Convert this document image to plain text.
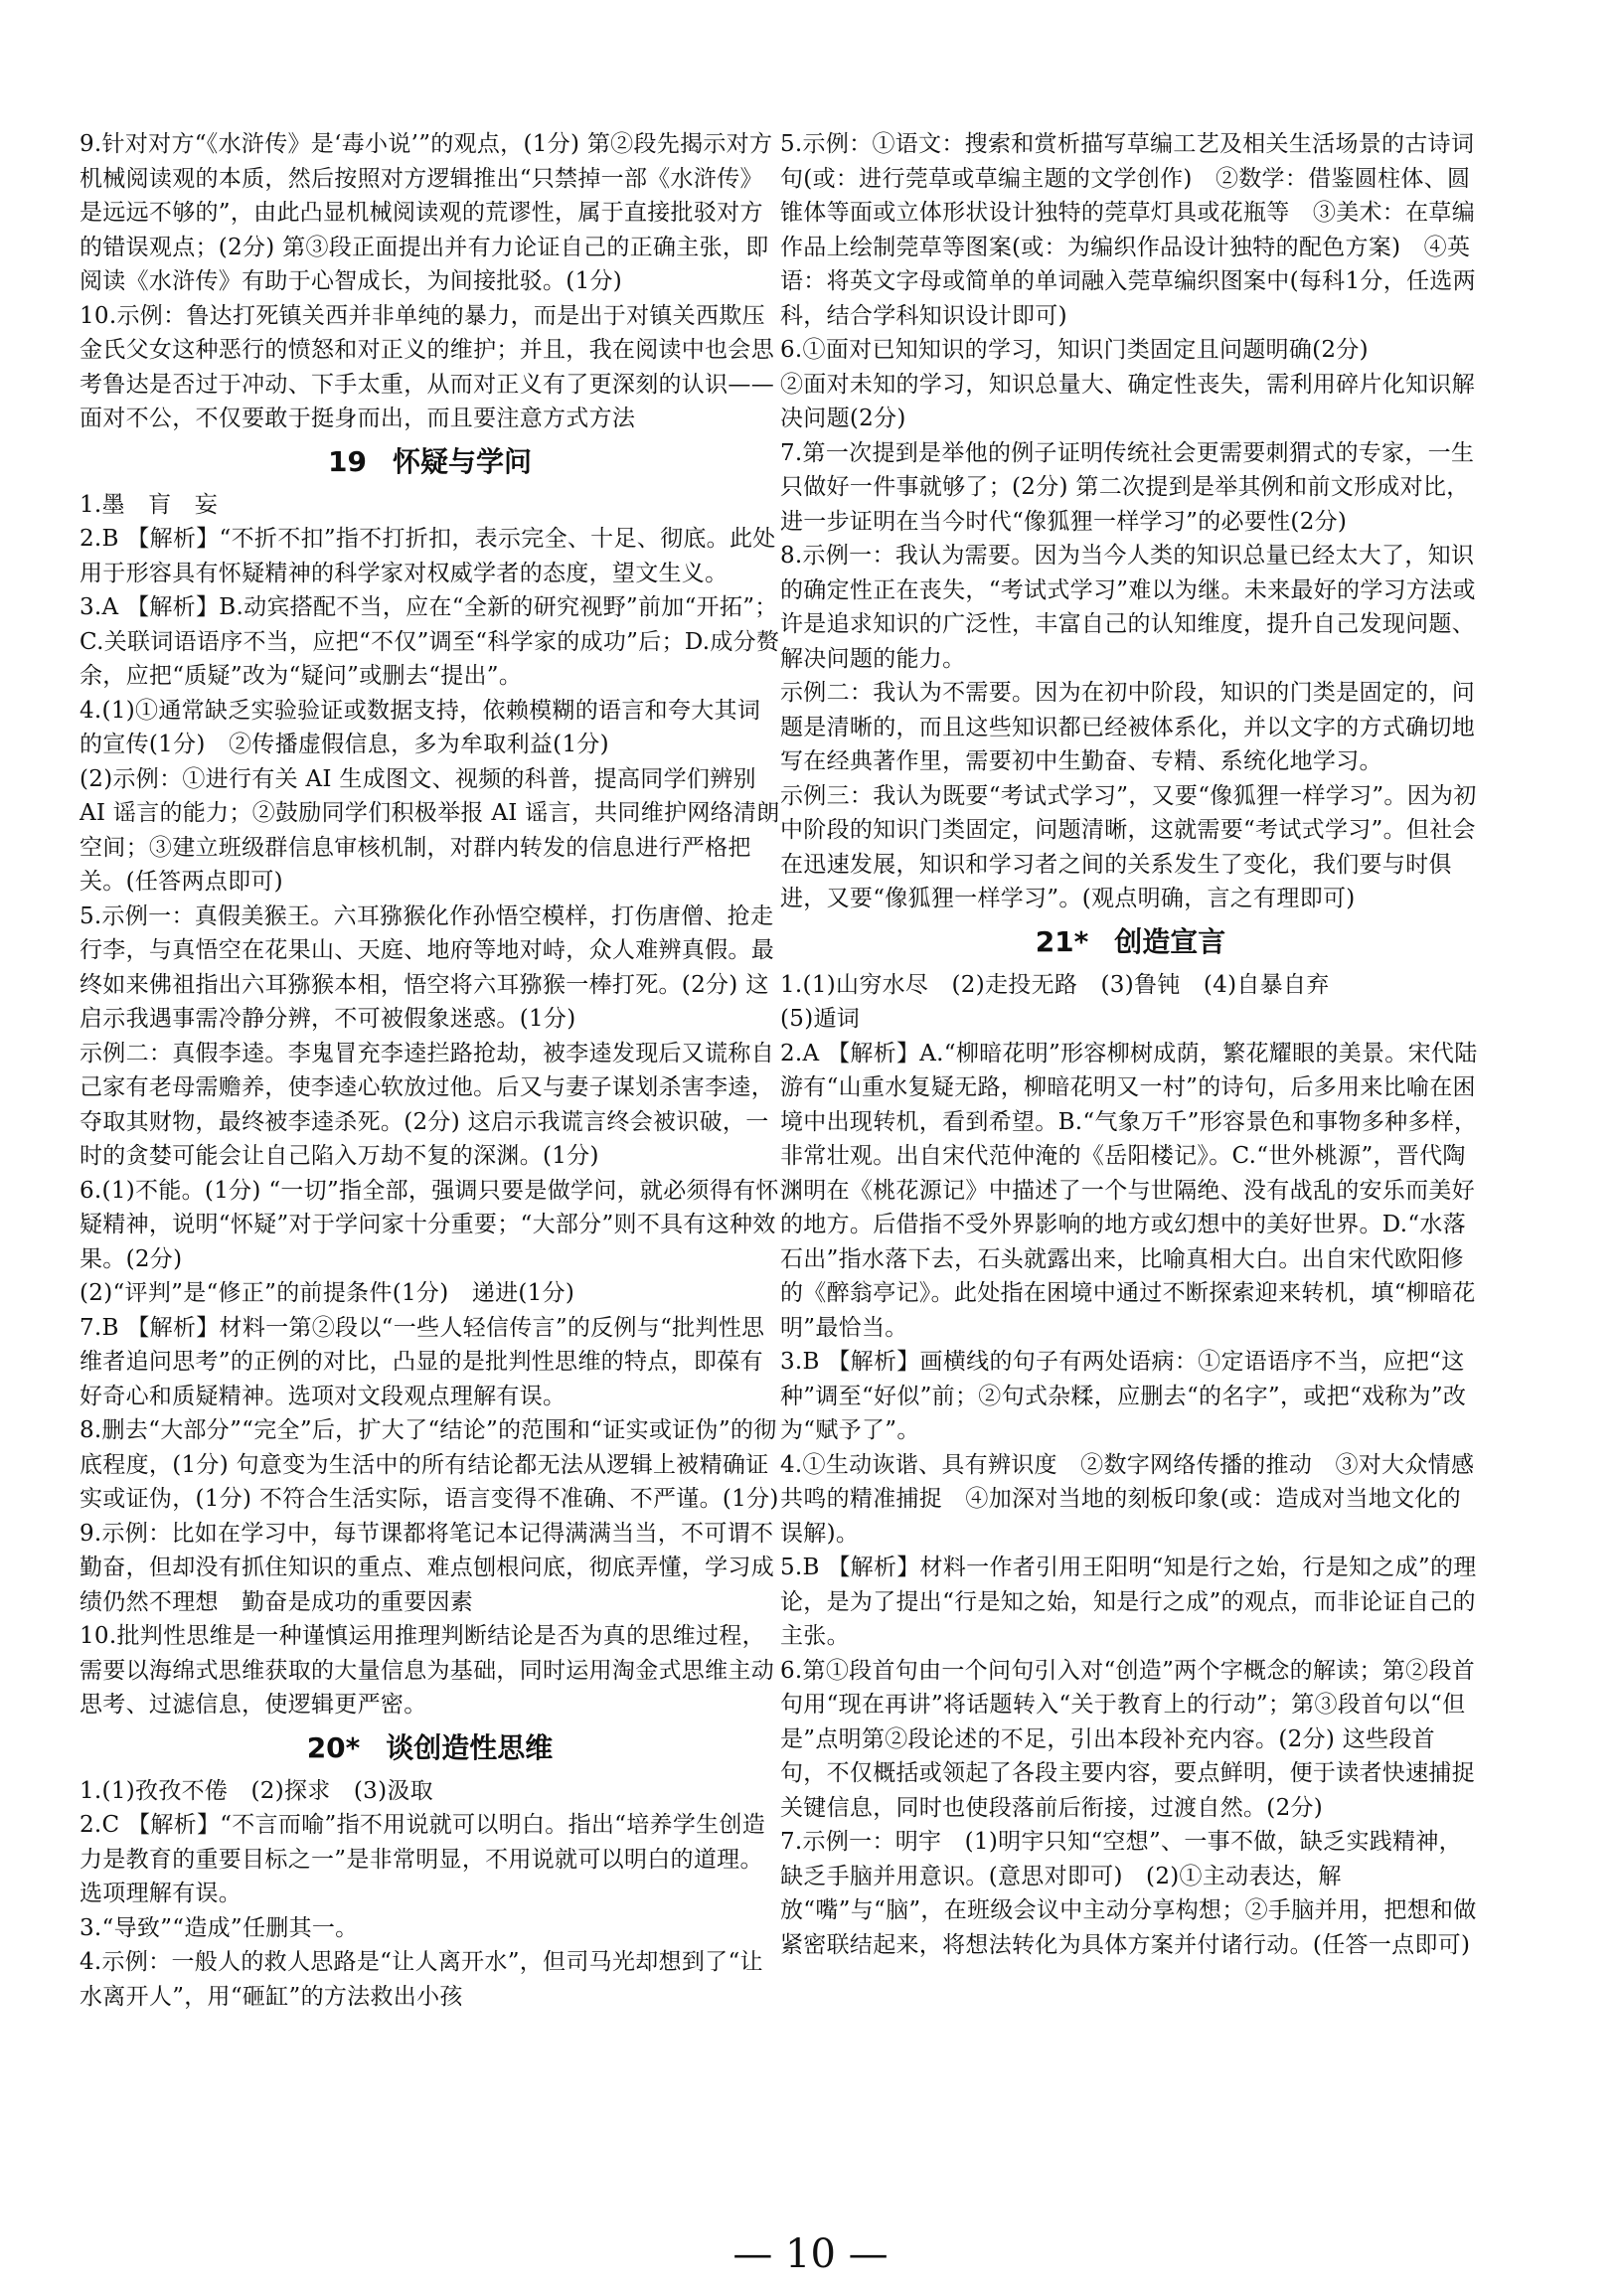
9.针对对方“《水浒传》是‘毒小说’”的观点，(1分) 第②段先揭示对方机械阅读观的本质，然后按照对方逻辑推出“只禁掉一部《水浒传》是远远不够的”，由此凸显机械阅读观的荒谬性，属于直接批驳对方的错误观点；(2分) 第③段正面提出并有力论证自己的正确主张，即阅读《水浒传》有助于心智成长，为间接批驳。(1分)

10.示例：鲁达打死镇关西并非单纯的暴力，而是出于对镇关西欺压金氏父女这种恶行的愤怒和对正义的维护；并且，我在阅读中也会思考鲁达是否过于冲动、下手太重，从而对正义有了更深刻的认识——面对不公，不仅要敢于挺身而出，而且要注意方式方法

19 怀疑与学问

1.墨　肓　妄

2.B 【解析】“不折不扣”指不打折扣，表示完全、十足、彻底。此处用于形容具有怀疑精神的科学家对权威学者的态度，望文生义。

3.A 【解析】B.动宾搭配不当，应在“全新的研究视野”前加“开拓”；C.关联词语语序不当，应把“不仅”调至“科学家的成功”后；D.成分赘余，应把“质疑”改为“疑问”或删去“提出”。

4.(1)①通常缺乏实验验证或数据支持，依赖模糊的语言和夸大其词的宣传(1分)　②传播虚假信息，多为牟取利益(1分)
(2)示例：①进行有关 AI 生成图文、视频的科普，提高同学们辨别 AI 谣言的能力；②鼓励同学们积极举报 AI 谣言，共同维护网络清朗空间；③建立班级群信息审核机制，对群内转发的信息进行严格把关。(任答两点即可)

5.示例一：真假美猴王。六耳猕猴化作孙悟空模样，打伤唐僧、抢走行李，与真悟空在花果山、天庭、地府等地对峙，众人难辨真假。最终如来佛祖指出六耳猕猴本相，悟空将六耳猕猴一棒打死。(2分) 这启示我遇事需冷静分辨，不可被假象迷惑。(1分)
示例二：真假李逵。李鬼冒充李逵拦路抢劫，被李逵发现后又谎称自己家有老母需赡养，使李逵心软放过他。后又与妻子谋划杀害李逵，夺取其财物，最终被李逵杀死。(2分) 这启示我谎言终会被识破，一时的贪婪可能会让自己陷入万劫不复的深渊。(1分)

6.(1)不能。(1分) “一切”指全部，强调只要是做学问，就必须得有怀疑精神，说明“怀疑”对于学问家十分重要；“大部分”则不具有这种效果。(2分)
(2)“评判”是“修正”的前提条件(1分)　递进(1分)

7.B 【解析】材料一第②段以“一些人轻信传言”的反例与“批判性思维者追问思考”的正例的对比，凸显的是批判性思维的特点，即葆有好奇心和质疑精神。选项对文段观点理解有误。

8.删去“大部分”“完全”后，扩大了“结论”的范围和“证实或证伪”的彻底程度，(1分) 句意变为生活中的所有结论都无法从逻辑上被精确证实或证伪，(1分) 不符合生活实际，语言变得不准确、不严谨。(1分)

9.示例：比如在学习中，每节课都将笔记本记得满满当当，不可谓不勤奋，但却没有抓住知识的重点、难点刨根问底，彻底弄懂，学习成绩仍然不理想　勤奋是成功的重要因素

10.批判性思维是一种谨慎运用推理判断结论是否为真的思维过程，需要以海绵式思维获取的大量信息为基础，同时运用淘金式思维主动思考、过滤信息，使逻辑更严密。

20* 谈创造性思维

1.(1)孜孜不倦　(2)探求　(3)汲取

2.C 【解析】“不言而喻”指不用说就可以明白。指出“培养学生创造力是教育的重要目标之一”是非常明显，不用说就可以明白的道理。选项理解有误。

3.“导致”“造成”任删其一。

4.示例：一般人的救人思路是“让人离开水”，但司马光却想到了“让水离开人”，用“砸缸”的方法救出小孩

5.示例：①语文：搜索和赏析描写草编工艺及相关生活场景的古诗词句(或：进行莞草或草编主题的文学创作)　②数学：借鉴圆柱体、圆锥体等面或立体形状设计独特的莞草灯具或花瓶等　③美术：在草编作品上绘制莞草等图案(或：为编织作品设计独特的配色方案)　④英语：将英文字母或简单的单词融入莞草编织图案中(每科1分，任选两科，结合学科知识设计即可)

6.①面对已知知识的学习，知识门类固定且问题明确(2分)
②面对未知的学习，知识总量大、确定性丧失，需利用碎片化知识解决问题(2分)

7.第一次提到是举他的例子证明传统社会更需要刺猬式的专家，一生只做好一件事就够了；(2分) 第二次提到是举其例和前文形成对比，进一步证明在当今时代“像狐狸一样学习”的必要性(2分)

8.示例一：我认为需要。因为当今人类的知识总量已经太大了，知识的确定性正在丧失，“考试式学习”难以为继。未来最好的学习方法或许是追求知识的广泛性，丰富自己的认知维度，提升自己发现问题、解决问题的能力。
示例二：我认为不需要。因为在初中阶段，知识的门类是固定的，问题是清晰的，而且这些知识都已经被体系化，并以文字的方式确切地写在经典著作里，需要初中生勤奋、专精、系统化地学习。
示例三：我认为既要“考试式学习”，又要“像狐狸一样学习”。因为初中阶段的知识门类固定，问题清晰，这就需要“考试式学习”。但社会在迅速发展，知识和学习者之间的关系发生了变化，我们要与时俱进，又要“像狐狸一样学习”。(观点明确，言之有理即可)

21* 创造宣言

1.(1)山穷水尽　(2)走投无路　(3)鲁钝　(4)自暴自弃
(5)遁词

2.A 【解析】A.“柳暗花明”形容柳树成荫，繁花耀眼的美景。宋代陆游有“山重水复疑无路，柳暗花明又一村”的诗句，后多用来比喻在困境中出现转机，看到希望。B.“气象万千”形容景色和事物多种多样，非常壮观。出自宋代范仲淹的《岳阳楼记》。C.“世外桃源”，晋代陶渊明在《桃花源记》中描述了一个与世隔绝、没有战乱的安乐而美好的地方。后借指不受外界影响的地方或幻想中的美好世界。D.“水落石出”指水落下去，石头就露出来，比喻真相大白。出自宋代欧阳修的《醉翁亭记》。此处指在困境中通过不断探索迎来转机，填“柳暗花明”最恰当。

3.B 【解析】画横线的句子有两处语病：①定语语序不当，应把“这种”调至“好似”前；②句式杂糅，应删去“的名字”，或把“戏称为”改为“赋予了”。

4.①生动诙谐、具有辨识度　②数字网络传播的推动　③对大众情感共鸣的精准捕捉　④加深对当地的刻板印象(或：造成对当地文化的误解)。

5.B 【解析】材料一作者引用王阳明“知是行之始，行是知之成”的理论，是为了提出“行是知之始，知是行之成”的观点，而非论证自己的主张。

6.第①段首句由一个问句引入对“创造”两个字概念的解读；第②段首句用“现在再讲”将话题转入“关于教育上的行动”；第③段首句以“但是”点明第②段论述的不足，引出本段补充内容。(2分) 这些段首句，不仅概括或领起了各段主要内容，要点鲜明，便于读者快速捕捉关键信息，同时也使段落前后衔接，过渡自然。(2分)

7.示例一：明宇　(1)明宇只知“空想”、一事不做，缺乏实践精神，缺乏手脑并用意识。(意思对即可)　(2)①主动表达，解放“嘴”与“脑”，在班级会议中主动分享构想；②手脑并用，把想和做紧密联结起来，将想法转化为具体方案并付诸行动。(任答一点即可)

— 10 —
